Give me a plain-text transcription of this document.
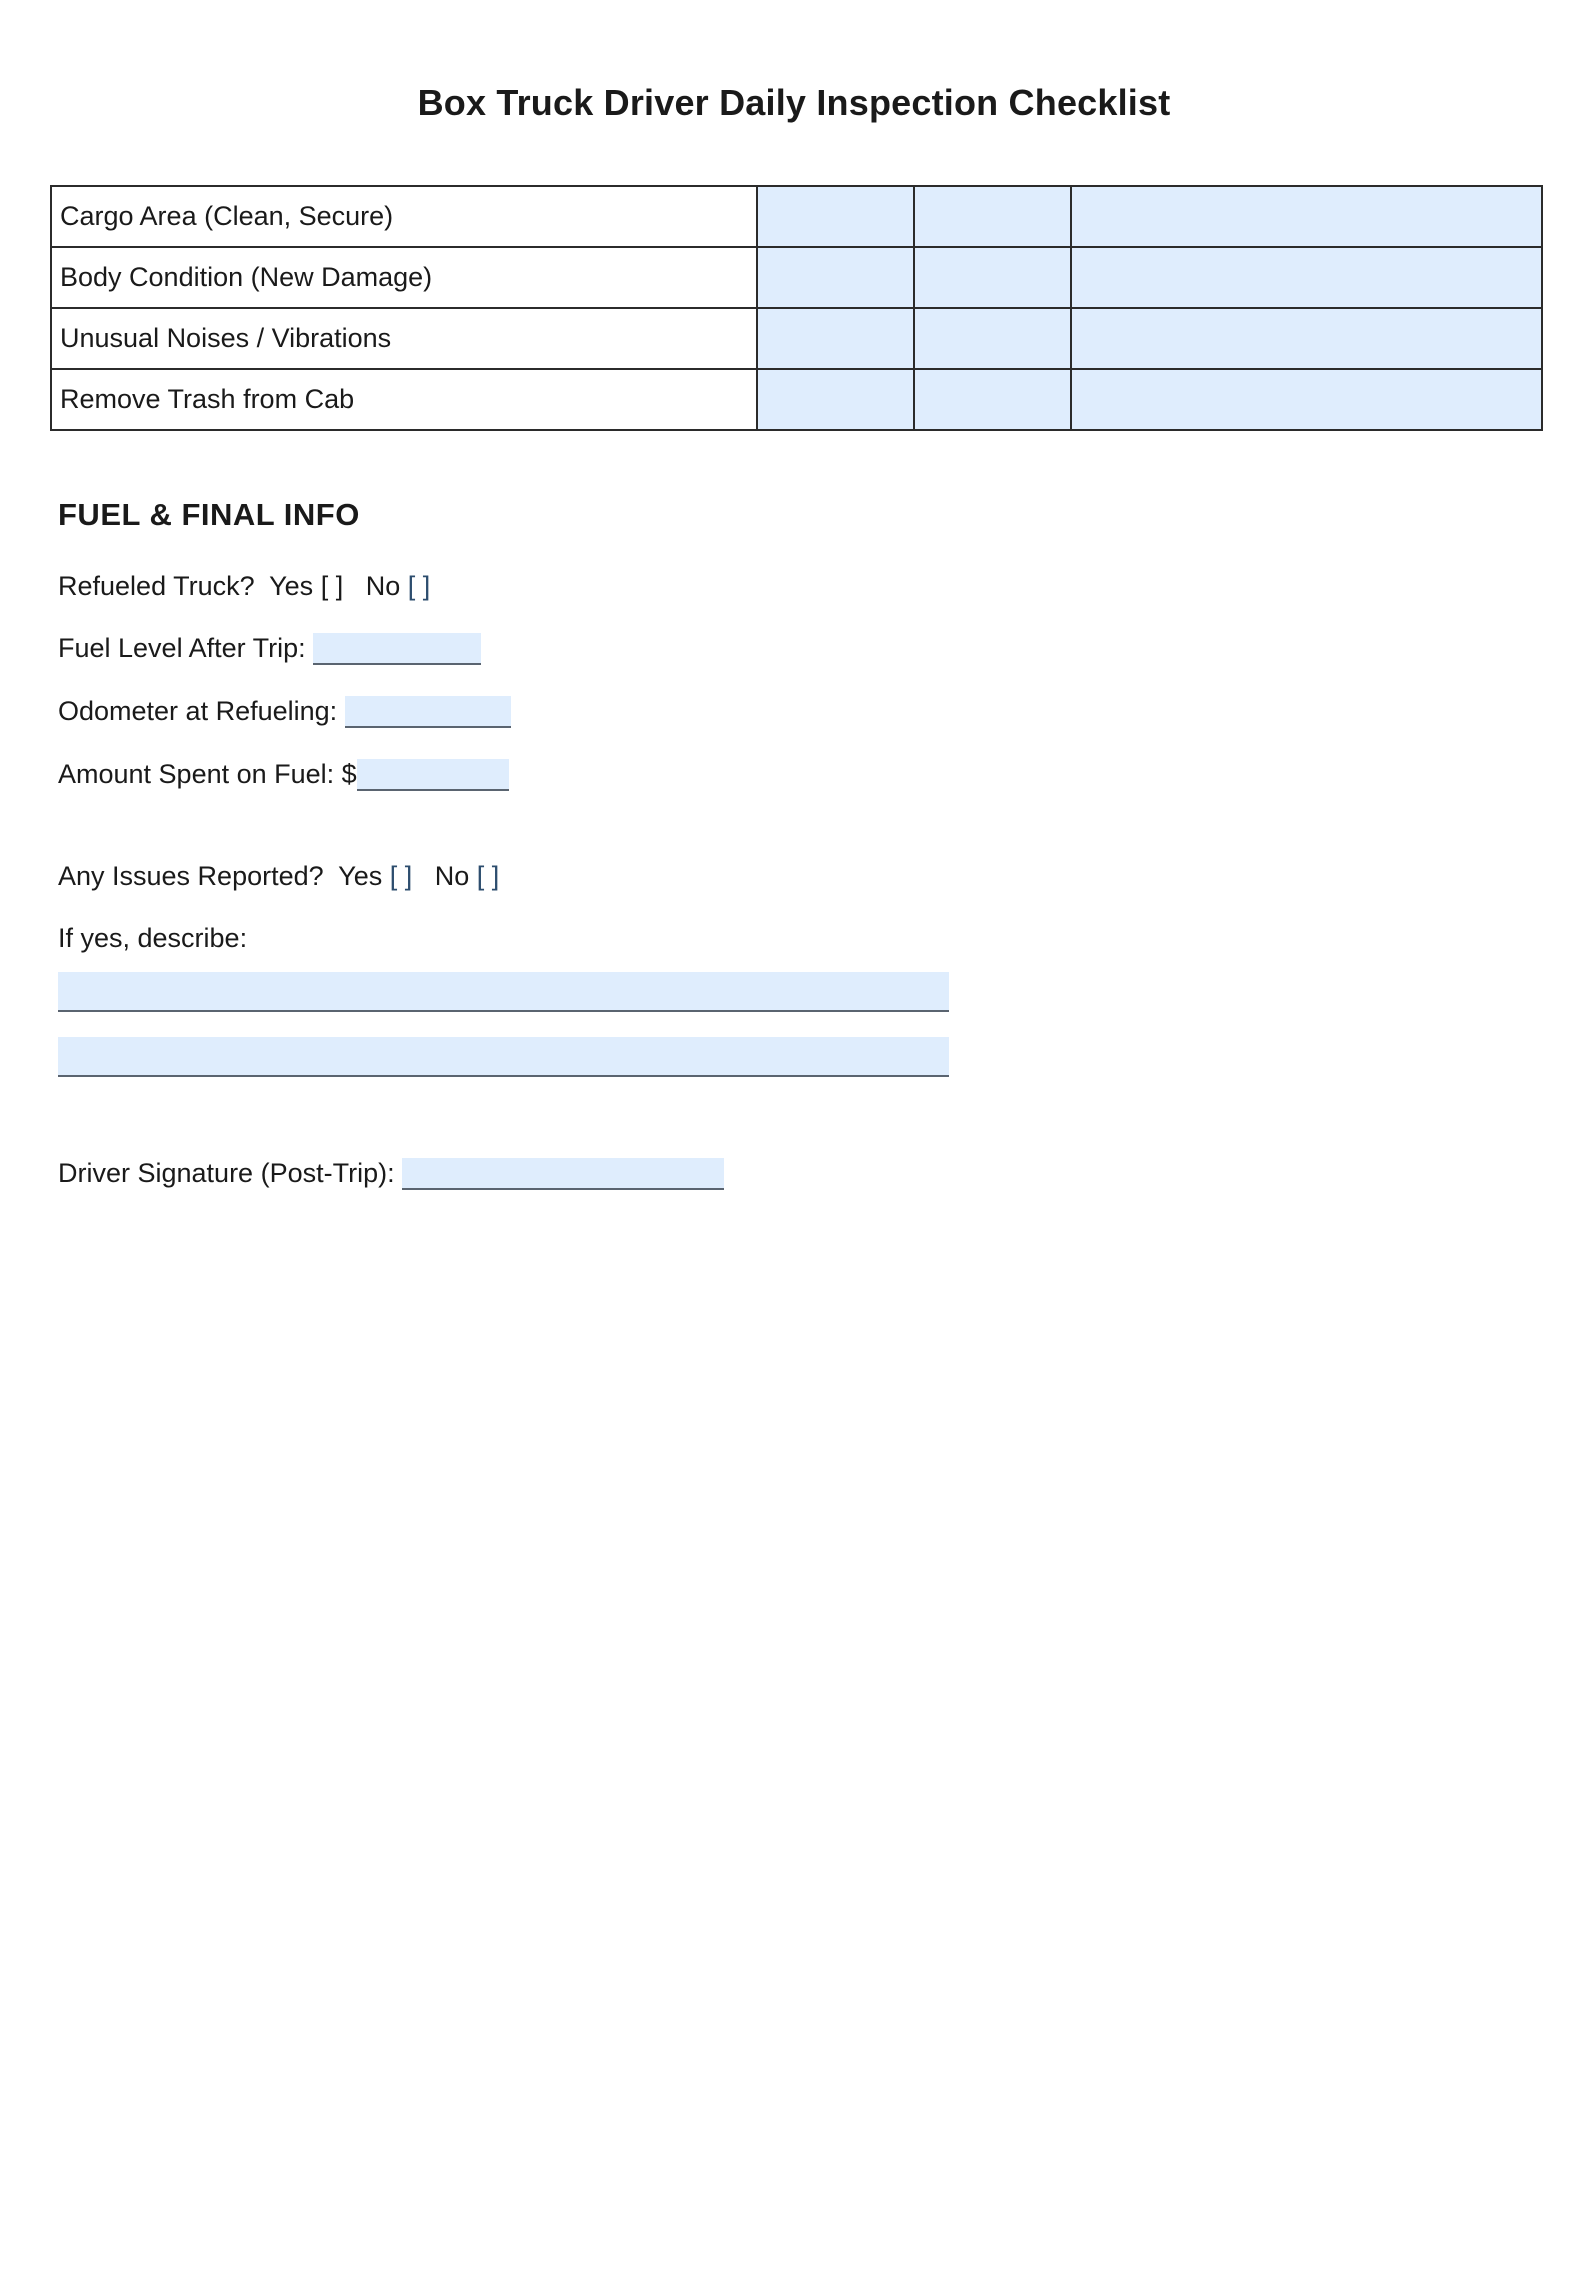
Box Truck Driver Daily Inspection Checklist
Cargo Area (Clean, Secure)			
Body Condition (New Damage)			
Unusual Noises / Vibrations			
Remove Trash from Cab			
FUEL & FINAL INFO
Refueled Truck? Yes [ ] No [ ]
Fuel Level After Trip:
Odometer at Refueling:
Amount Spent on Fuel: $
Any Issues Reported? Yes [ ] No [ ]
If yes, describe:
Driver Signature (Post-Trip):
